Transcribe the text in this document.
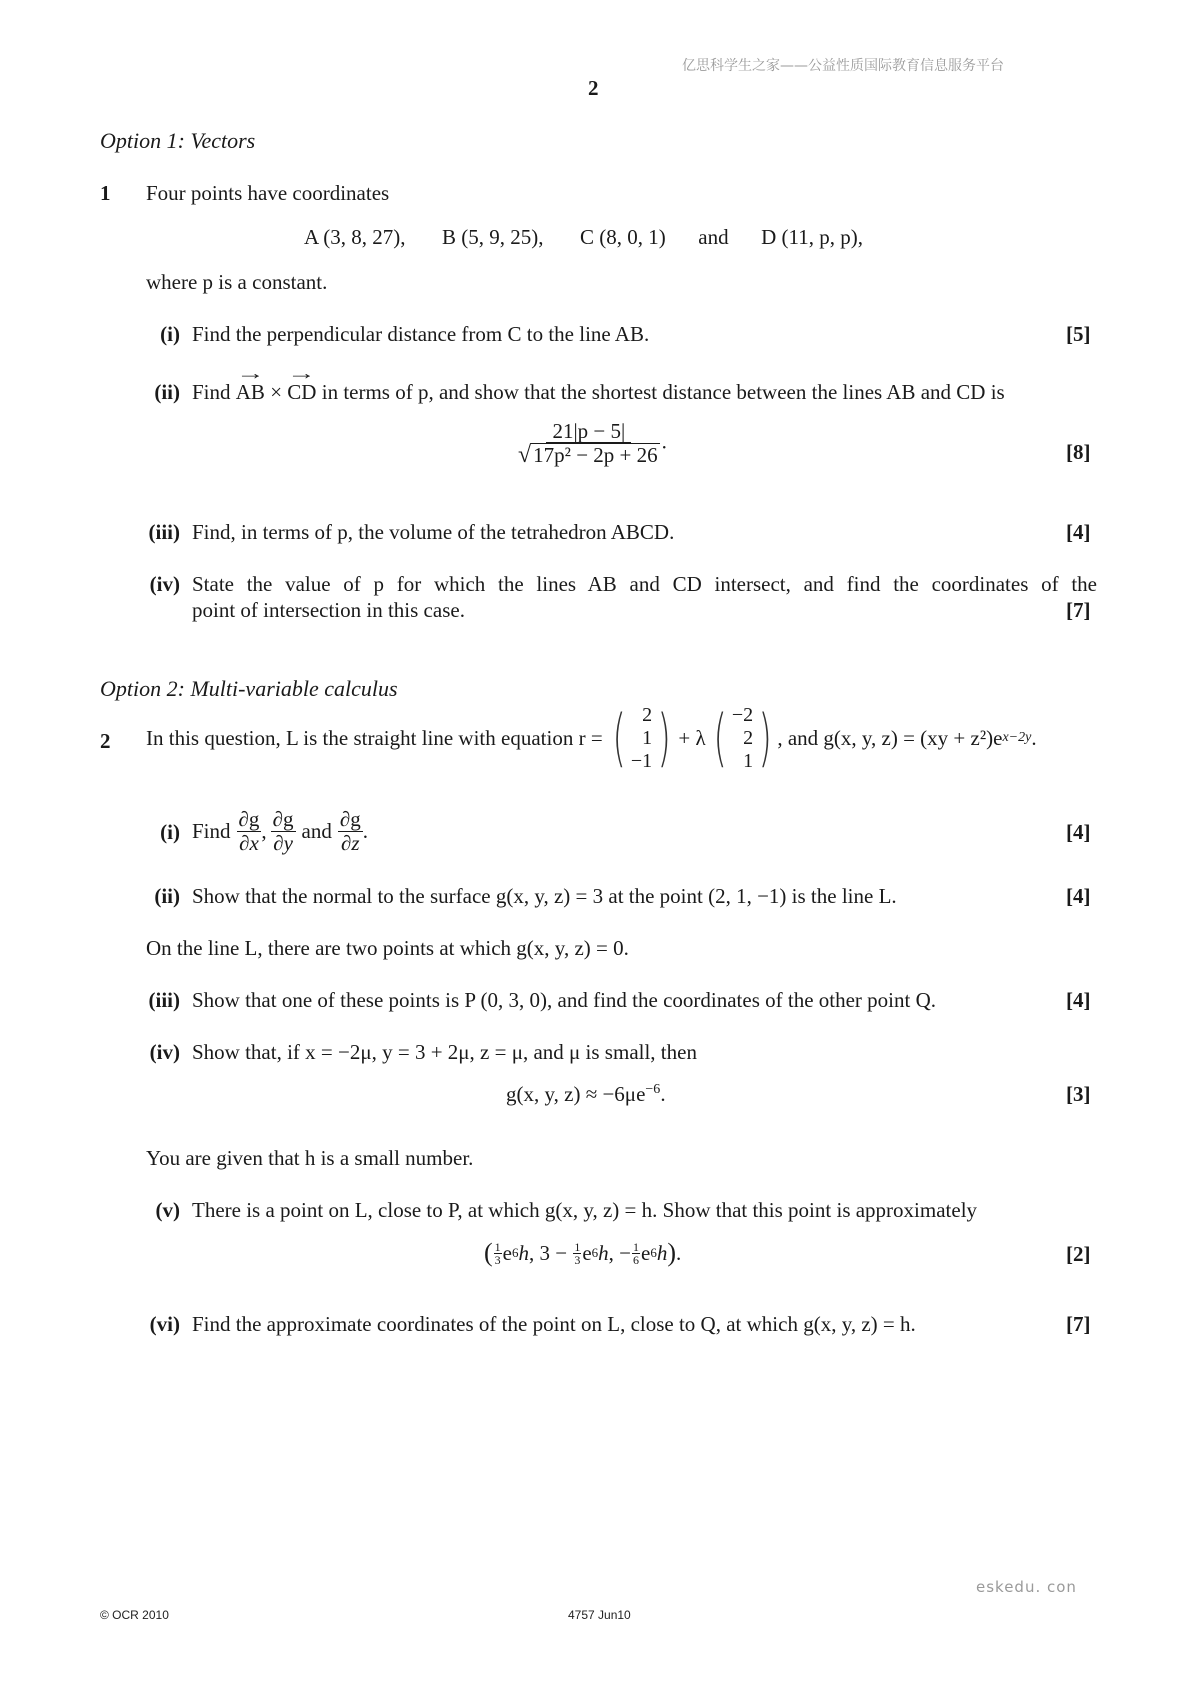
亿思科学生之家——公益性质国际教育信息服务平台
2
Option 1: Vectors
1 Four points have coordinates
A (3, 8, 27), B (5, 9, 25), C (8, 0, 1) and D (11, p, p),
where p is a constant.
(i) Find the perpendicular distance from C to the line AB.	[5]
(ii) Find → AB × → CD in terms of p, and show that the shortest distance between the lines AB and CD is
$\frac{21|p - 5|}{\text{√ 17p² − 2p + 26}}$ .	[8]
(iii) Find, in terms of p, the volume of the tetrahedron ABCD.	[4]
(iv) State the value of p for which the lines AB and CD intersect, and find the coordinates of the
point of intersection in this case.	[7]
Option 2: Multi-variable calculus
2 In this question, L is the straight line with equation r = ( 2
1
−1 ) + λ ( −2
2
1 ) , and g(x, y, z) = (xy + z²)e x−2y .
(i) Find $\frac{\partial g}{\partial x}$ , $\frac{\partial g}{\partial y}$ and $\frac{\partial g}{\partial z}$ .	[4]
(ii) Show that the normal to the surface g(x, y, z) = 3 at the point (2, 1, −1) is the line L.	[4]
On the line L, there are two points at which g(x, y, z) = 0.
(iii) Show that one of these points is P (0, 3, 0), and find the coordinates of the other point Q.	[4]
(iv) Show that, if x = −2μ, y = 3 + 2μ, z = μ, and μ is small, then
g(x, y, $z) \approx -6\mu e^{-6}$.	[3]
You are given that h is a small number.
(v) There is a point on L, close to P, at which g(x, y, z) = h. Show that this point is approximately
( 1
3 e 6 h , 3 − 1
3 e 6 h , − 1
6 e 6 h ) .	[2]
(vi) Find the approximate coordinates of the point on L, close to Q, at which g(x, y, z) = h.	[7]
eskedu. con
© OCR 2010	4757 Jun10
